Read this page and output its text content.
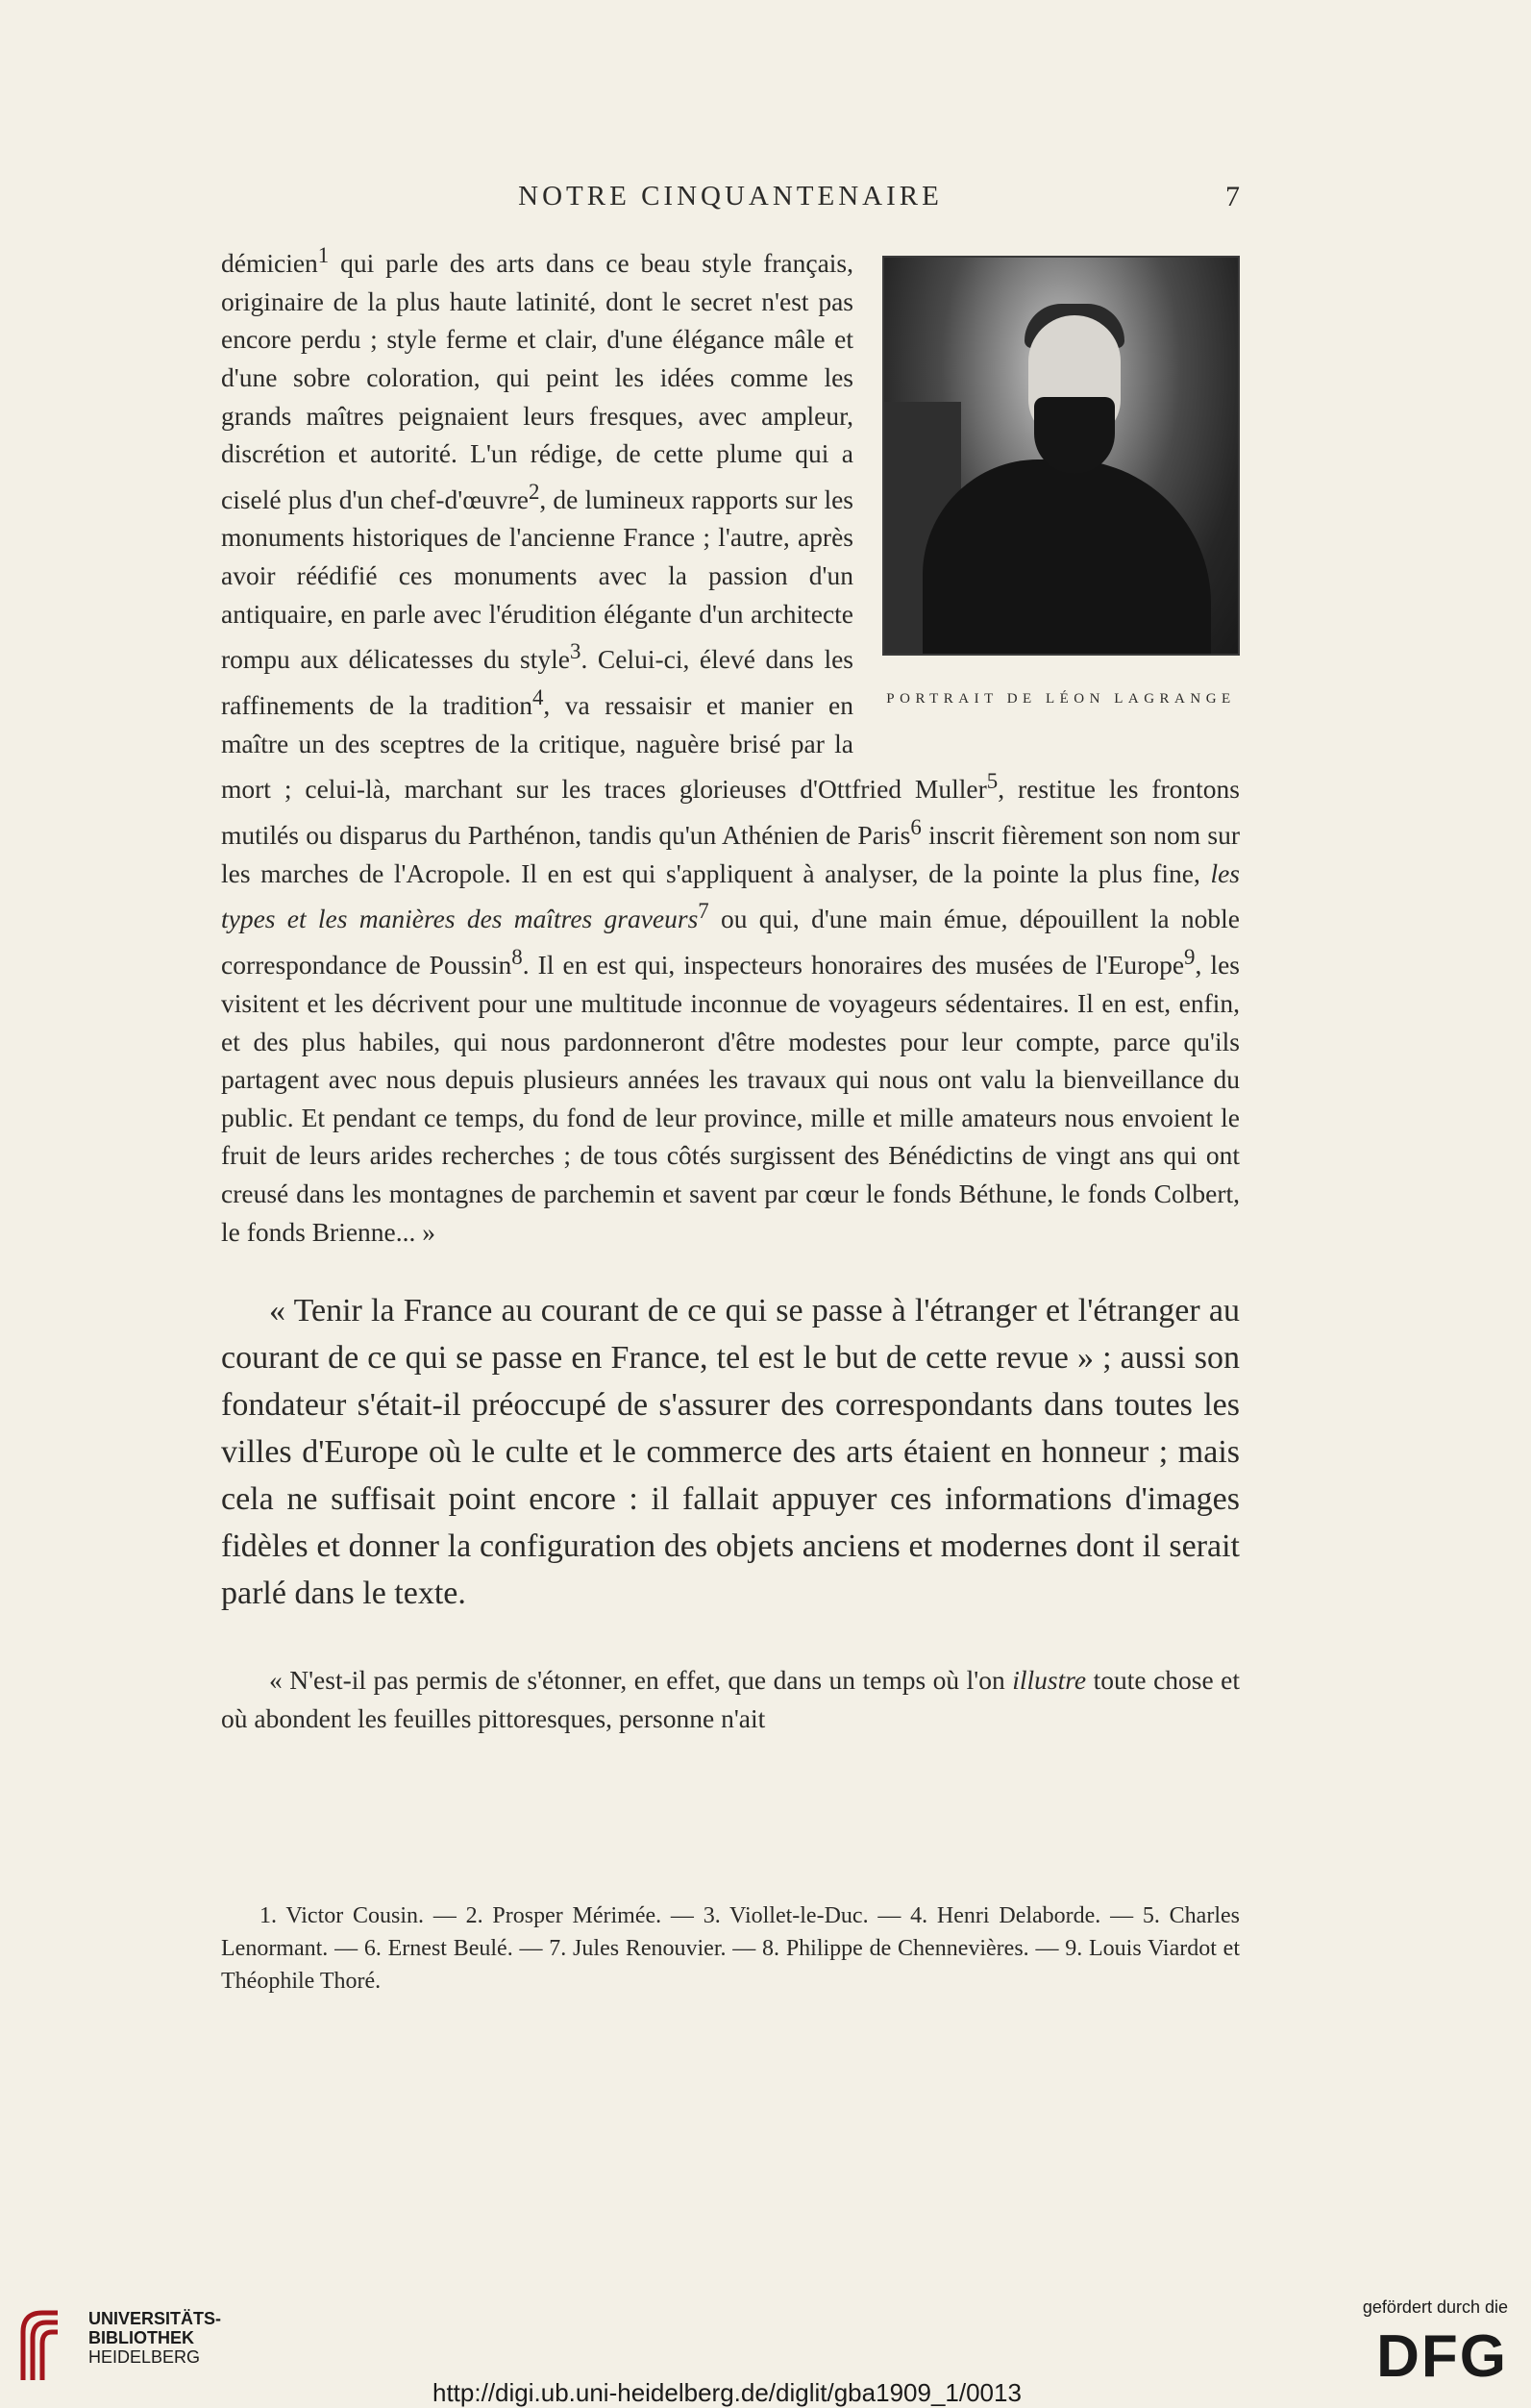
NOTRE CINQUANTENAIRE	7
PORTRAIT DE LÉON LAGRANGE

démicien$^1$ qui parle des arts dans ce beau style français, originaire de la plus haute latinité, dont le secret n'est pas encore perdu ; style ferme et clair, d'une élégance mâle et d'une sobre coloration, qui peint les idées comme les grands maîtres peignaient leurs fresques, avec ampleur, discrétion et autorité. L'un rédige, de cette plume qui a ciselé plus d'un chef-d'œuvre$^2$, de lumineux rapports sur les monuments historiques de l'ancienne France ; l'autre, après avoir réédifié ces monuments avec la passion d'un antiquaire, en parle avec l'érudition élégante d'un architecte rompu aux délicatesses du style$^3$. Celui-ci, élevé dans les raffinements de la tradition$^4$, va ressaisir et manier en maître un des sceptres de la critique, naguère brisé par la mort ; celui-là, marchant sur les traces glorieuses d'Ottfried Muller$^5$, restitue les frontons mutilés ou disparus du Parthénon, tandis qu'un Athénien de Paris$^6$ inscrit fièrement son nom sur les marches de l'Acropole. Il en est qui s'appliquent à analyser, de la pointe la plus fine, les types et les manières des maîtres graveurs$^7$ ou qui, d'une main émue, dépouillent la noble correspondance de Poussin$^8$. Il en est qui, inspecteurs honoraires des musées de l'Europe$^9$, les visitent et les décrivent pour une multitude inconnue de voyageurs sédentaires. Il en est, enfin, et des plus habiles, qui nous pardonneront d'être modestes pour leur compte, parce qu'ils partagent avec nous depuis plusieurs années les travaux qui nous ont valu la bienveillance du public. Et pendant ce temps, du fond de leur province, mille et mille amateurs nous envoient le fruit de leurs arides recherches ; de tous côtés surgissent des Bénédictins de vingt ans qui ont creusé dans les montagnes de parchemin et savent par cœur le fonds Béthune, le fonds Colbert, le fonds Brienne... »

« Tenir la France au courant de ce qui se passe à l'étranger et l'étranger au courant de ce qui se passe en France, tel est le but de cette revue » ; aussi son fondateur s'était-il préoccupé de s'assurer des correspondants dans toutes les villes d'Europe où le culte et le commerce des arts étaient en honneur ; mais cela ne suffisait point encore : il fallait appuyer ces informations d'images fidèles et donner la configuration des objets anciens et modernes dont il serait parlé dans le texte.

« N'est-il pas permis de s'étonner, en effet, que dans un temps où l'on illustre toute chose et où abondent les feuilles pittoresques, personne n'ait

1. Victor Cousin. — 2. Prosper Mérimée. — 3. Viollet-le-Duc. — 4. Henri Delaborde. — 5. Charles Lenormant. — 6. Ernest Beulé. — 7. Jules Renouvier. — 8. Philippe de Chennevières. — 9. Louis Viardot et Théophile Thoré.

UNIVERSITÄTS-
BIBLIOTHEK
HEIDELBERG
http://digi.ub.uni-heidelberg.de/diglit/gba1909_1/0013
gefördert durch die
DFG
